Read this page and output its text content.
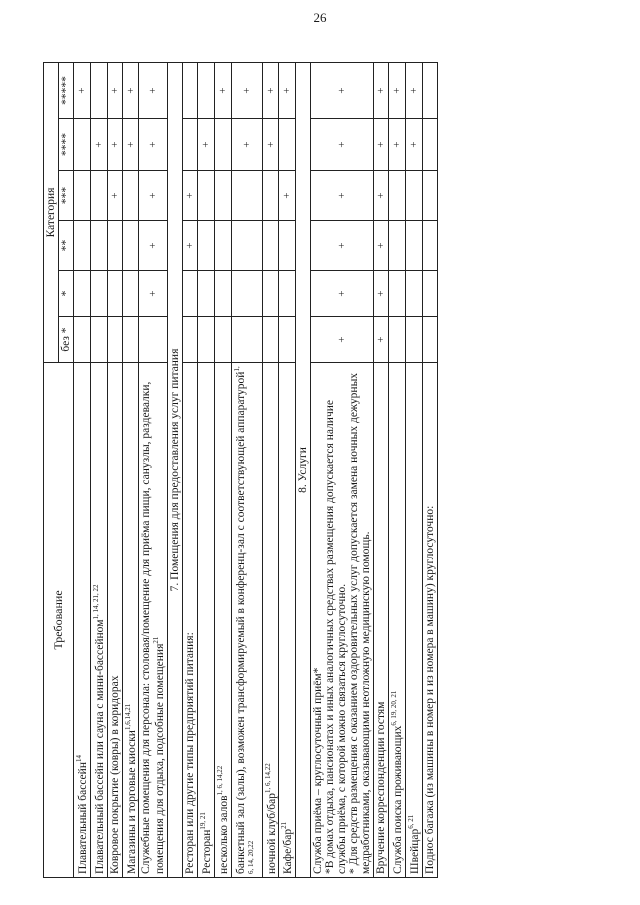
26
Требование	Категория					
	без *	*	**	***	****	*****
Плавательный бассейн$^{14}$						+
Плавательный бассейн или сауна с мини-бассейном$^{1, 14, 21, 22}$					+	
Ковровое покрытие (ковры) в коридорах				+	+	+
Магазины и торговые киоски$^{1,6,14,21}$					+	+
Служебные помещения для персонала: столовая/помещение для приёма пищи, санузлы, раздевалки, помещения для отдыха, подсобные помещения$^{21}$		+	+	+	+	+
7. Помещения для предоставления услуг питания						
Ресторан или другие типы предприятий питания:			+	+		
Ресторан$^{19, 21}$					+	
несколько залов$^{1, 6, 14,22}$						+
банкетный зал (залы), возможен трансформируемый в конференц-зал с соответствующей аппаратурой$^{1, 6, 14, 20,22}$					+	+
ночной клуб/бар$^{1, 6, 14,22}$					+	+
Кафе/бар$^{21}$				+		+
8. Услуги						

Служба приёма – круглосуточный приём* *В домах отдыха, пансионатах и иных аналогичных средствах размещения допускается наличие службы приёма, с которой можно связаться круглосуточно. * Для средств размещения с оказанием оздоровительных услуг допускается замена ночных дежурных медработниками, оказывающими неотложную медицинскую помощь.	+	+	+	+	+	+
Вручение корреспонденции гостям	+	+	+	+	+	+
Служба поиска проживающих$^{6, 19, 20, 21}$					+	+
Швейцар$^{6, 21}$					+	+
Поднос багажа (из машины в номер и из номера в машину) круглосуточно:						
